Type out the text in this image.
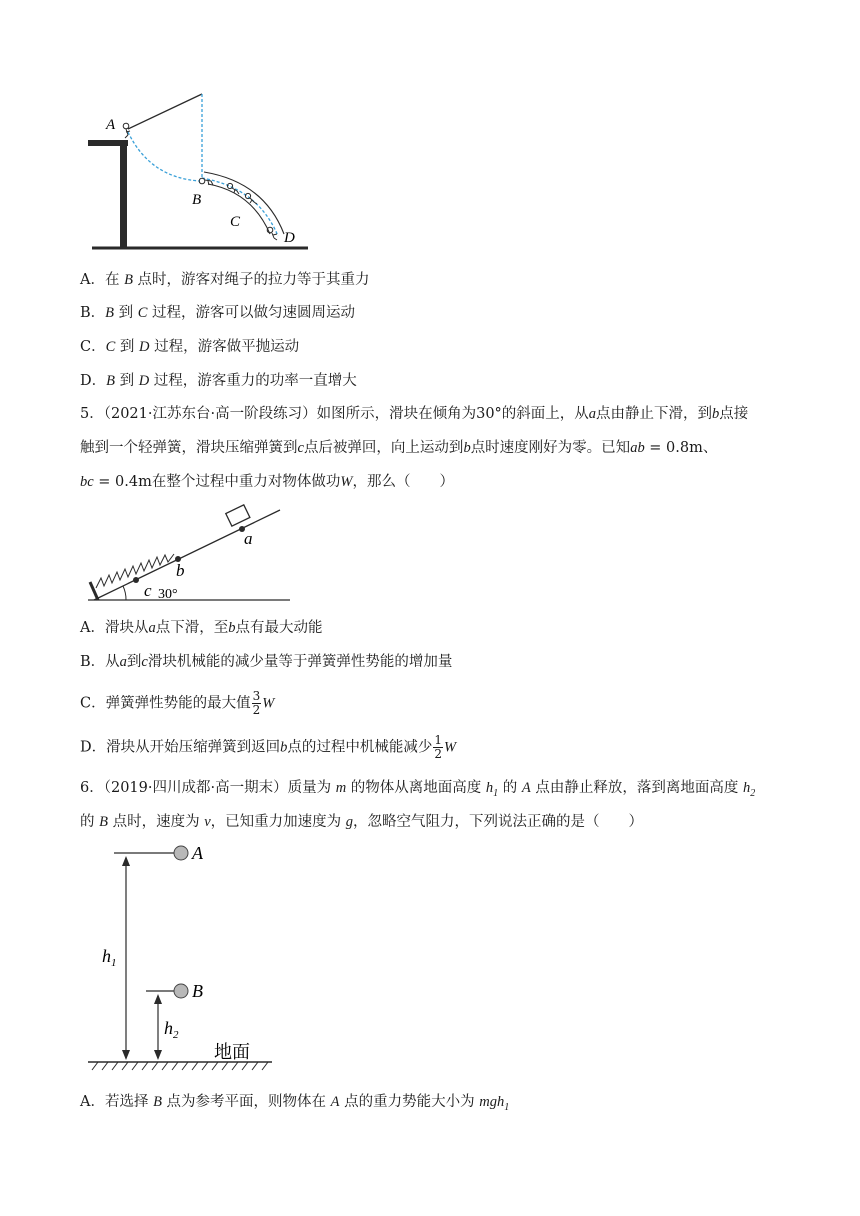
A
B
C
D
A．在 B 点时，游客对绳子的拉力等于其重力
B．B 到 C 过程，游客可以做匀速圆周运动
C．C 到 D 过程，游客做平抛运动
D．B 到 D 过程，游客重力的功率一直增大
5．（2021·江苏东台·高一阶段练习）如图所示，滑块在倾角为30°的斜面上，从a点由静止下滑，到b点接
触到一个轻弹簧，滑块压缩弹簧到c点后被弹回，向上运动到b点时速度刚好为零。已知ab = 0.8m、
bc = 0.4m在整个过程中重力对物体做功W，那么（　　）
a
b
c 30°
A．滑块从a点下滑，至b点有最大动能
B．从a到c滑块机械能的减少量等于弹簧弹性势能的增加量
C．弹簧弹性势能的最大值 $\frac{3}{2}$ W
D．滑块从开始压缩弹簧到返回b点的过程中机械能减少 $\frac{1}{2}$ W
6．（2019·四川成都·高一期末）质量为 m 的物体从离地面高度 $h_1$ 的 A 点由静止释放，落到离地面高度 $h_2$
的 B 点时，速度为 v，已知重力加速度为 g，忽略空气阻力，下列说法正确的是（　　）
A
B
$h_1$
$h_2$
地面
A．若选择 B 点为参考平面，则物体在 A 点的重力势能大小为 mgh$_1$
